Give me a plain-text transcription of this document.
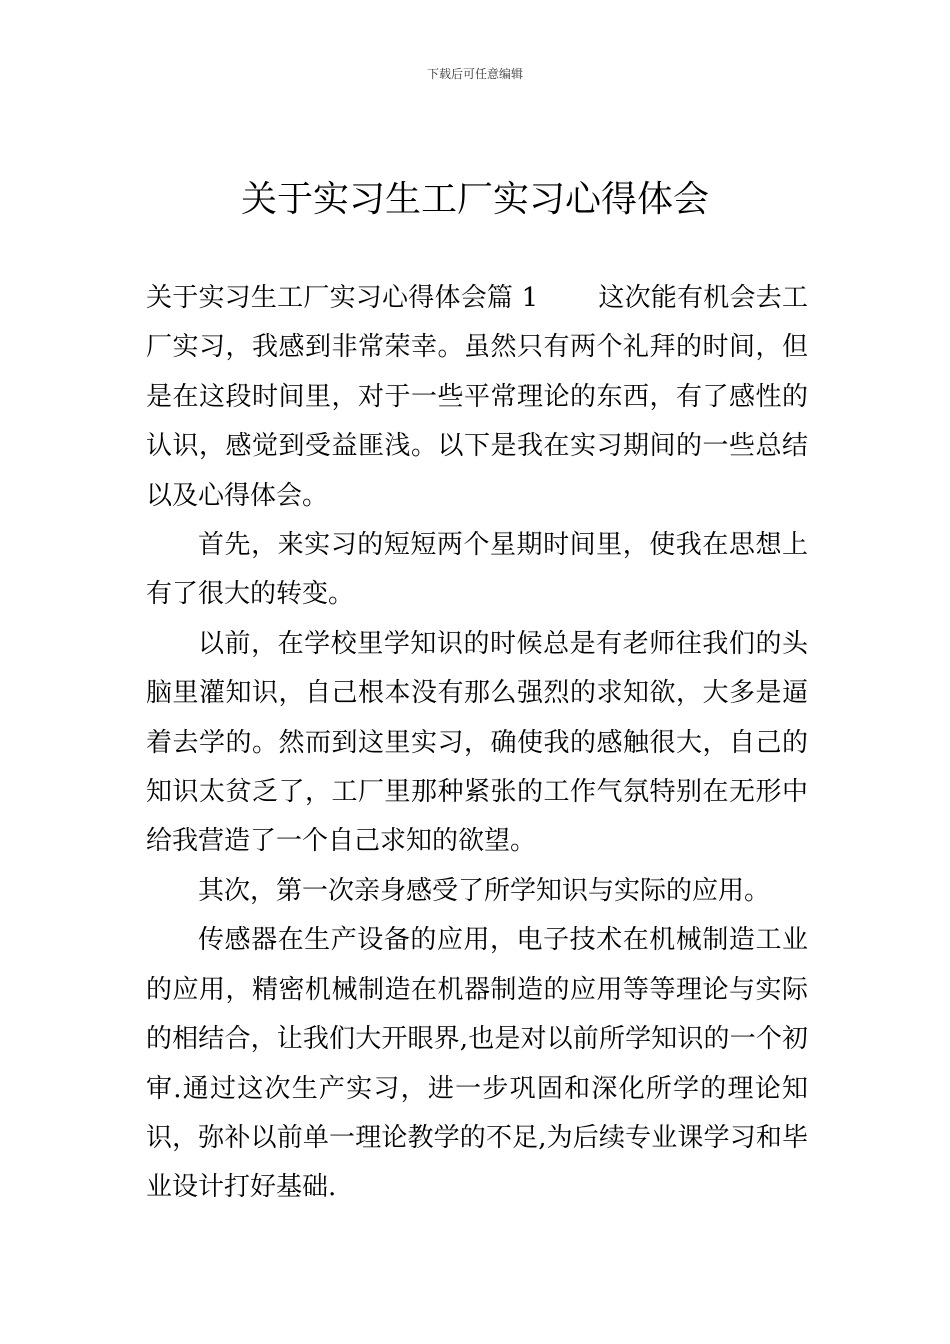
下载后可任意编辑
关于实习生工厂实习心得体会

关于实习生工厂实习心得体会篇 1 这次能有机会去工厂实习，我感到非常荣幸。虽然只有两个礼拜的时间，但是在这段时间里，对于一些平常理论的东西，有了感性的认识，感觉到受益匪浅。以下是我在实习期间的一些总结以及心得体会。

首先，来实习的短短两个星期时间里，使我在思想上有了很大的转变。

以前，在学校里学知识的时候总是有老师往我们的头脑里灌知识，自己根本没有那么强烈的求知欲，大多是逼着去学的。然而到这里实习，确使我的感触很大，自己的知识太贫乏了，工厂里那种紧张的工作气氛特别在无形中给我营造了一个自己求知的欲望。

其次，第一次亲身感受了所学知识与实际的应用。

传感器在生产设备的应用，电子技术在机械制造工业的应用，精密机械制造在机器制造的应用等等理论与实际的相结合，让我们大开眼界,也是对以前所学知识的一个初审.通过这次生产实习，进一步巩固和深化所学的理论知识，弥补以前单一理论教学的不足,为后续专业课学习和毕业设计打好基础.
